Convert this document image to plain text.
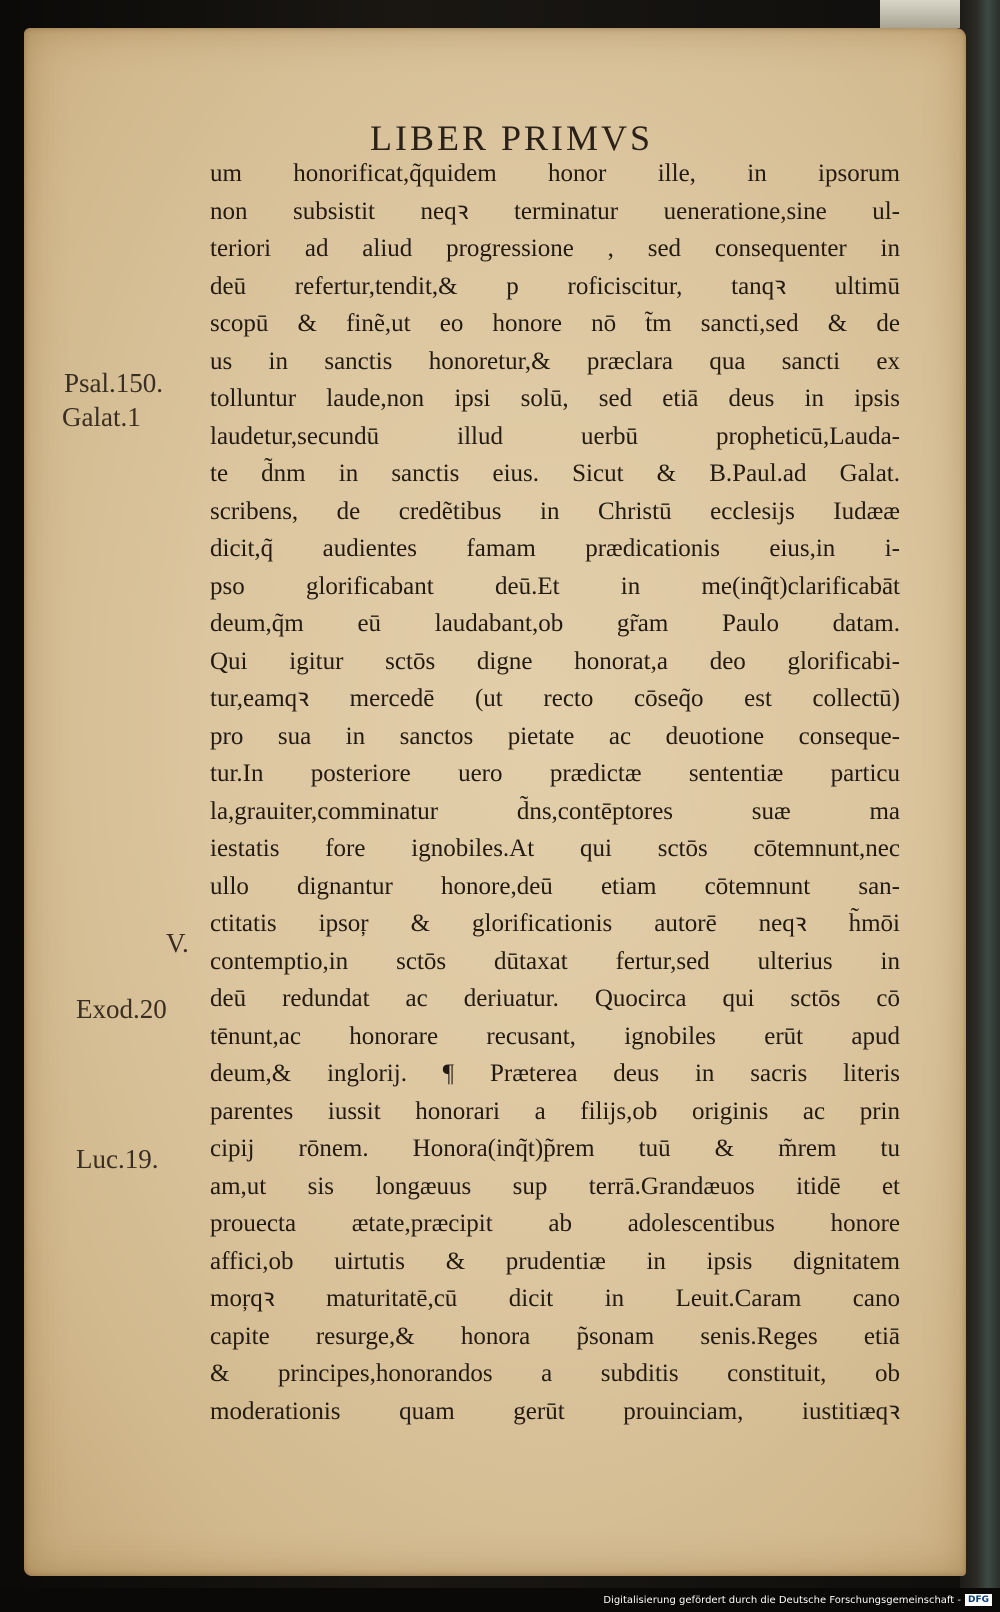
LIBER PRIMVS
um honorificat,q̃quidem honor ille, in ipsorum
non subsistit neqꝛ terminatur ueneratione,sine ul-
teriori ad aliud progressione , sed consequenter in
deū refertur,tendit,& p roficiscitur, tanqꝛ ultimū
scopū & finẽ,ut eo honore nō t̃m sancti,sed & de
us in sanctis honoretur,& præclara qua sancti ex
tolluntur laude,non ipsi solū, sed etiā deus in ipsis
laudetur,secundū illud uerbū propheticū,Lauda-
te d̃nm in sanctis eius. Sicut & B.Paul.ad Galat.
scribens, de credẽtibus in Christū ecclesijs Iudææ
dicit,q̃ audientes famam prædicationis eius,in i-
pso glorificabant deū.Et in me(inq̃t)clarificabāt
deum,q̃m eū laudabant,ob gr̃am Paulo datam.
Qui igitur sctōs digne honorat,a deo glorificabi-
tur,eamqꝛ mercedē (ut recto cōseq̃o est collectū)
pro sua in sanctos pietate ac deuotione conseque-
tur.In posteriore uero prædictæ sententiæ particu
la,grauiter,comminatur d̃ns,contēptores suæ ma
iestatis fore ignobiles.At qui sctōs cōtemnunt,nec
ullo dignantur honore,deū etiam cōtemnunt san-
ctitatis ipsoŗ & glorificationis autorē neqꝛ h̃mōi
contemptio,in sctōs dūtaxat fertur,sed ulterius in
deū redundat ac deriuatur. Quocirca qui sctōs cō
tēnunt,ac honorare recusant, ignobiles erūt apud
deum,& inglorij. ¶ Præterea deus in sacris literis
parentes iussit honorari a filijs,ob originis ac prin
cipij rōnem. Honora(inq̃t)p̃rem tuū & m̃rem tu
am,ut sis longæuus sup terrā.Grandæuos itidē et
prouecta ætate,præcipit ab adolescentibus honore
affici,ob uirtutis & prudentiæ in ipsis dignitatem
moŗqꝛ maturitatē,cū dicit in Leuit.Caram cano
capite resurge,& honora p̃sonam senis.Reges etiā
& principes,honorandos a subditis constituit, ob
moderationis quam gerūt prouinciam, iustitiæqꝛ
Psal.150.
Galat.1
V.
Exod.20
Luc.19.
Digitalisierung gefördert durch die Deutsche Forschungsgemeinschaft - DFG
